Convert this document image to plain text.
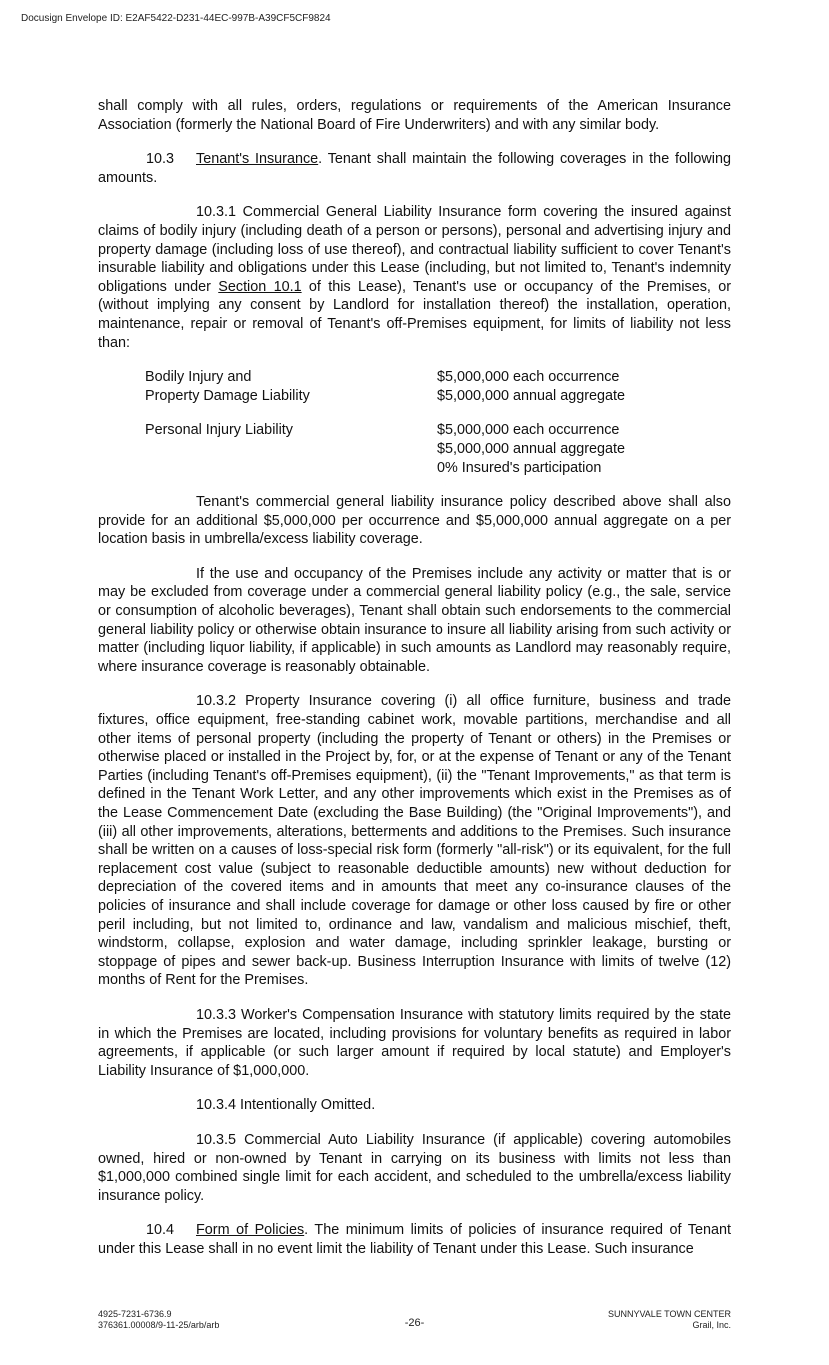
Docusign Envelope ID: E2AF5422-D231-44EC-997B-A39CF5CF9824

shall comply with all rules, orders, regulations or requirements of the American Insurance Association (formerly the National Board of Fire Underwriters) and with any similar body.

10.3 Tenant's Insurance. Tenant shall maintain the following coverages in the following amounts.

10.3.1 Commercial General Liability Insurance form covering the insured against claims of bodily injury (including death of a person or persons), personal and advertising injury and property damage (including loss of use thereof), and contractual liability sufficient to cover Tenant's insurable liability and obligations under this Lease (including, but not limited to, Tenant's indemnity obligations under Section 10.1 of this Lease), Tenant's use or occupancy of the Premises, or (without implying any consent by Landlord for installation thereof) the installation, operation, maintenance, repair or removal of Tenant's off-Premises equipment, for limits of liability not less than:

Bodily Injury and	$5,000,000 each occurrence
Property Damage Liability	$5,000,000 annual aggregate

Personal Injury Liability	$5,000,000 each occurrence
	$5,000,000 annual aggregate
	0% Insured's participation

Tenant's commercial general liability insurance policy described above shall also provide for an additional $5,000,000 per occurrence and $5,000,000 annual aggregate on a per location basis in umbrella/excess liability coverage.

If the use and occupancy of the Premises include any activity or matter that is or may be excluded from coverage under a commercial general liability policy (e.g., the sale, service or consumption of alcoholic beverages), Tenant shall obtain such endorsements to the commercial general liability policy or otherwise obtain insurance to insure all liability arising from such activity or matter (including liquor liability, if applicable) in such amounts as Landlord may reasonably require, where insurance coverage is reasonably obtainable.

10.3.2 Property Insurance covering (i) all office furniture, business and trade fixtures, office equipment, free-standing cabinet work, movable partitions, merchandise and all other items of personal property (including the property of Tenant or others) in the Premises or otherwise placed or installed in the Project by, for, or at the expense of Tenant or any of the Tenant Parties (including Tenant's off-Premises equipment), (ii) the "Tenant Improvements," as that term is defined in the Tenant Work Letter, and any other improvements which exist in the Premises as of the Lease Commencement Date (excluding the Base Building) (the "Original Improvements"), and (iii) all other improvements, alterations, betterments and additions to the Premises. Such insurance shall be written on a causes of loss-special risk form (formerly "all-risk") or its equivalent, for the full replacement cost value (subject to reasonable deductible amounts) new without deduction for depreciation of the covered items and in amounts that meet any co-insurance clauses of the policies of insurance and shall include coverage for damage or other loss caused by fire or other peril including, but not limited to, ordinance and law, vandalism and malicious mischief, theft, windstorm, collapse, explosion and water damage, including sprinkler leakage, bursting or stoppage of pipes and sewer back-up. Business Interruption Insurance with limits of twelve (12) months of Rent for the Premises.

10.3.3 Worker's Compensation Insurance with statutory limits required by the state in which the Premises are located, including provisions for voluntary benefits as required in labor agreements, if applicable (or such larger amount if required by local statute) and Employer's Liability Insurance of $1,000,000.

10.3.4 Intentionally Omitted.

10.3.5 Commercial Auto Liability Insurance (if applicable) covering automobiles owned, hired or non-owned by Tenant in carrying on its business with limits not less than $1,000,000 combined single limit for each accident, and scheduled to the umbrella/excess liability insurance policy.

10.4 Form of Policies. The minimum limits of policies of insurance required of Tenant under this Lease shall in no event limit the liability of Tenant under this Lease. Such insurance

4925-7231-6736.9
376361.00008/9-11-25/arb/arb	-26-
SUNNYVALE TOWN CENTER
Grail, Inc.
